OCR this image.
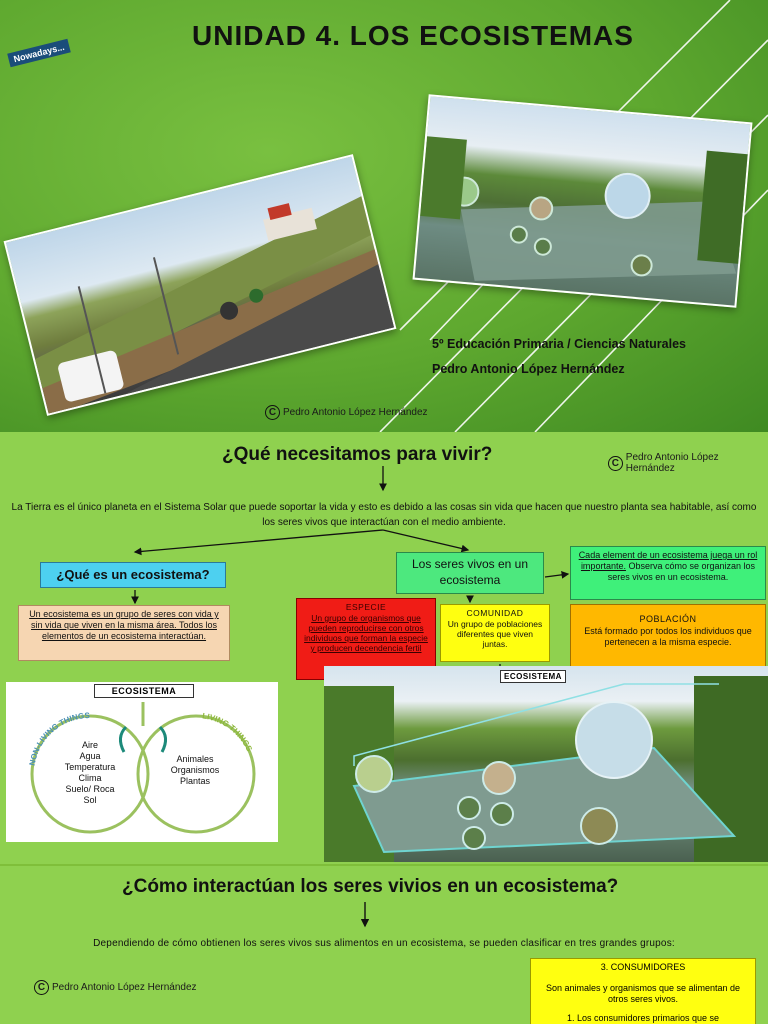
UNIDAD 4. LOS ECOSISTEMAS
Nowadays...
5º Educación Primaria / Ciencias Naturales
Pedro Antonio López Hernández
C Pedro Antonio López Hernández
¿Qué necesitamos para vivir?	C Pedro Antonio López Hernández
La Tierra es el único planeta en el Sistema Solar que puede soportar la vida y esto es debido a las cosas sin vida que hacen que nuestro planta sea habitable, así como los seres vivos que interactúan con el medio ambiente.
¿Qué es un ecosistema?
Un ecosistema es un grupo de seres con vida y sin vida que viven en la misma área. Todos los elementos de un ecosistema interactúan.
Los seres vivos en un ecosistema
Cada element de un ecosistema juega un rol importante. Observa cómo se organizan los seres vivos en un ecosistema.
ESPECIE
Un grupo de organismos que pueden reproducirse con otros individuos que forman la especie y producen decendencia fertil
COMUNIDAD
Un grupo de poblaciones diferentes que viven juntas.
POBLACIÓN
Está formado por todos los individuos que pertenecen a la misma especie.
ECOSISTEMA
NON-LIVING THINGS	LIVING THINGS
Aire
Agua
Temperatura
Clima
Suelo/ Roca
Sol
Animales
Organismos
Plantas
ECOSISTEMA
¿Cómo interactúan los seres vivios en un ecosistema?
Dependiendo de cómo obtienen los seres vivos sus alimentos en un ecosistema, se pueden clasificar en tres grandes grupos:
C Pedro Antonio López Hernández
3. CONSUMIDORES
Son animales y organismos que se alimentan de otros seres vivos.
1. Los consumidores primarios que se
